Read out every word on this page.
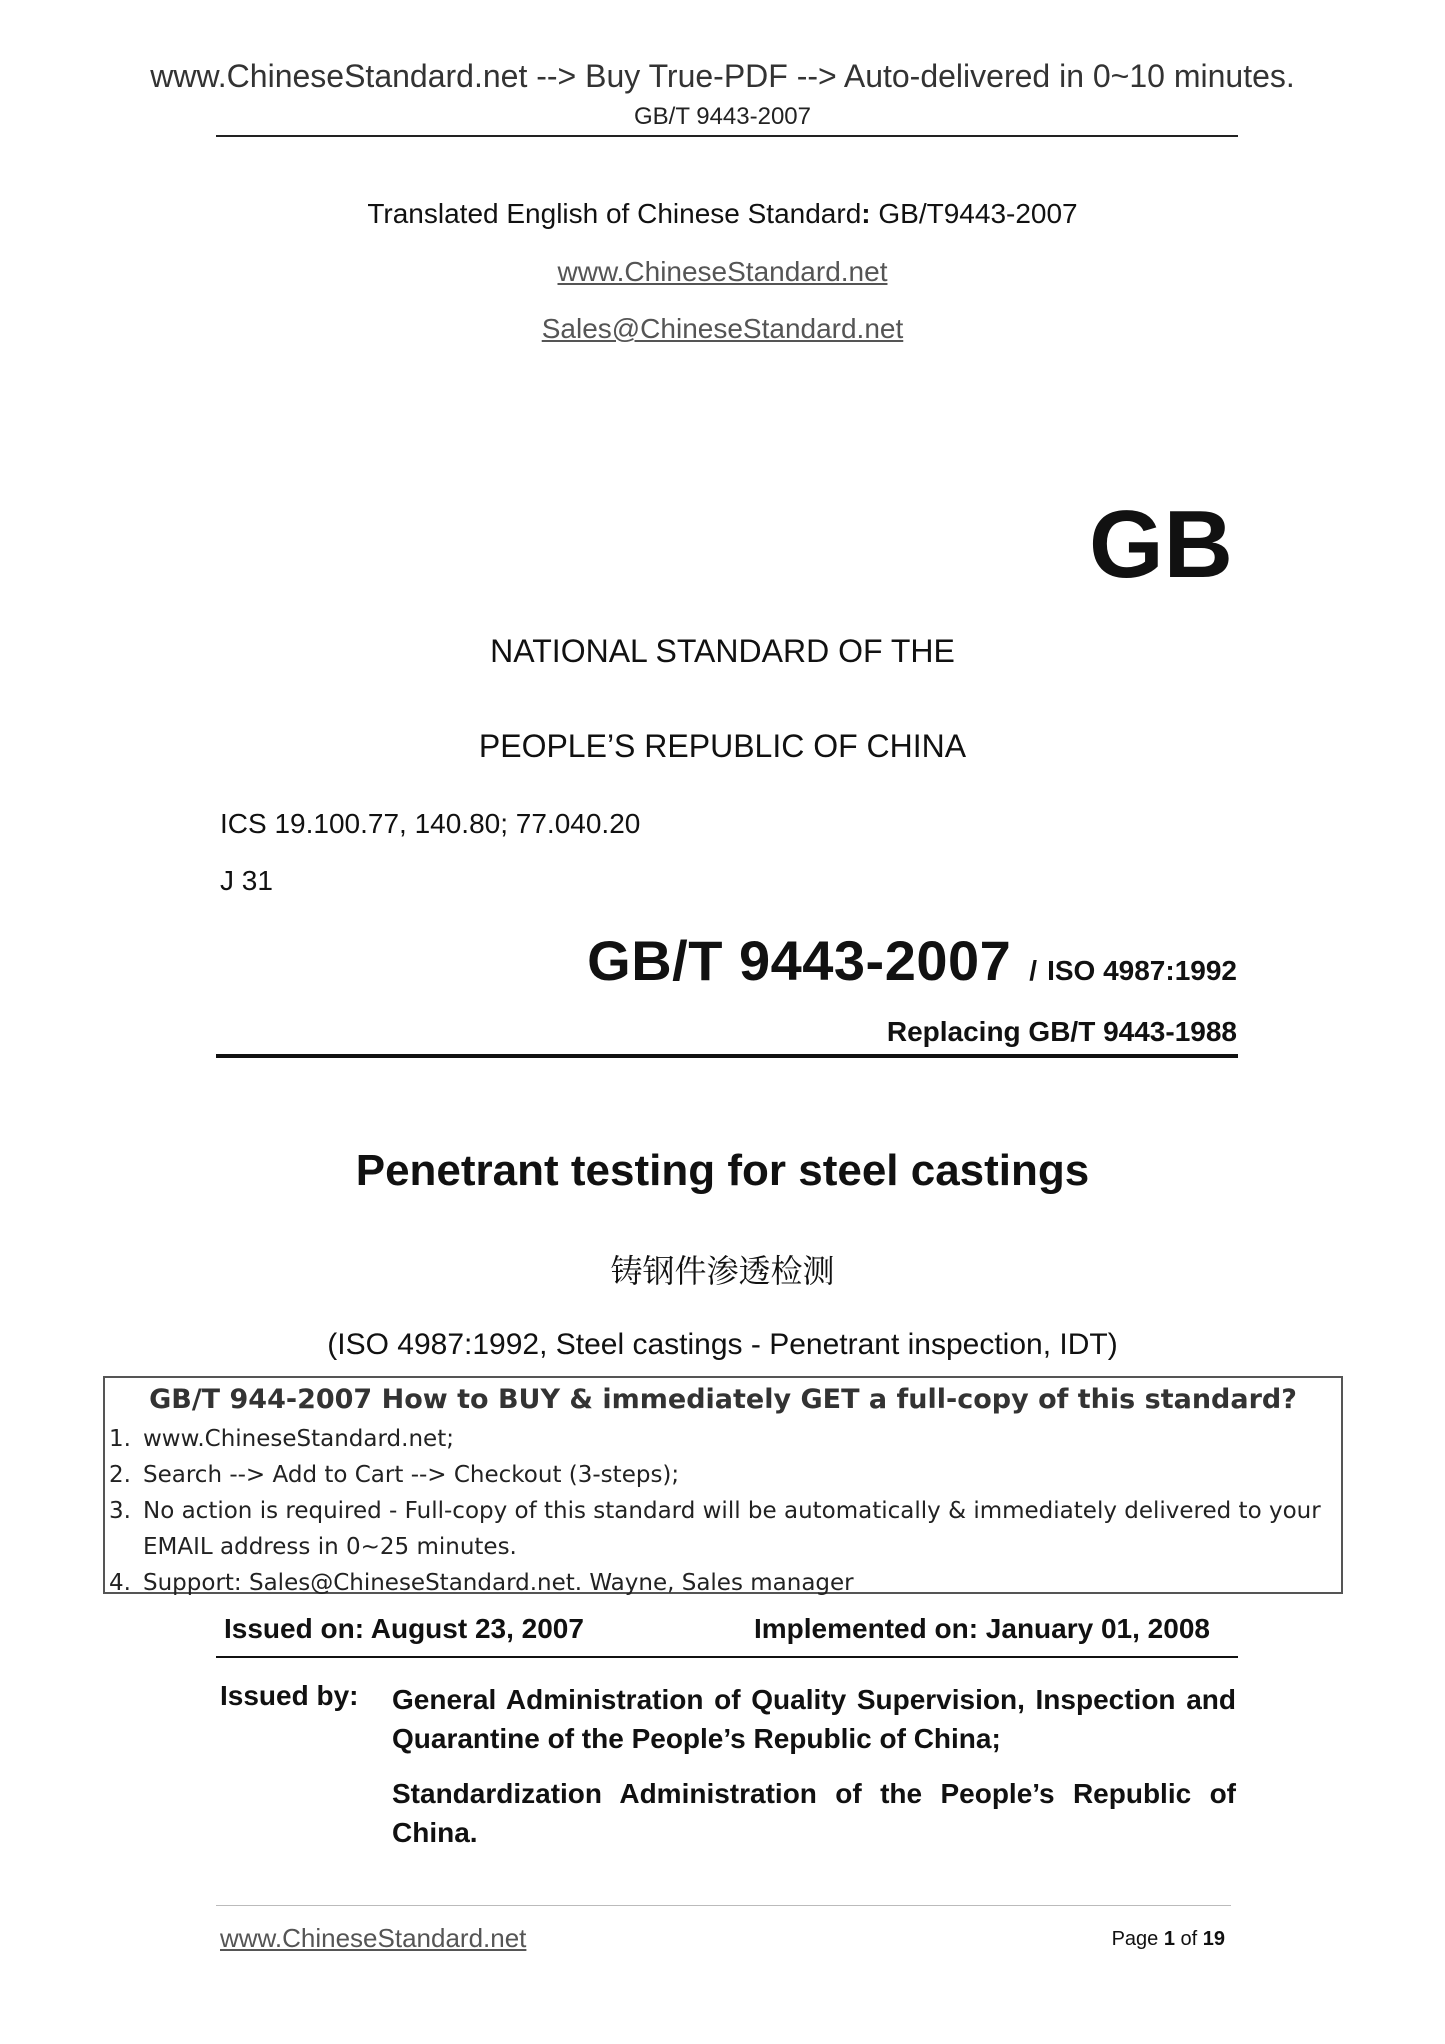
www.ChineseStandard.net --> Buy True-PDF --> Auto-delivered in 0~10 minutes.
GB/T 9443-2007
Translated English of Chinese Standard: GB/T9443-2007
www.ChineseStandard.net
Sales@ChineseStandard.net
GB
NATIONAL STANDARD OF THE
PEOPLE’S REPUBLIC OF CHINA
ICS 19.100.77, 140.80; 77.040.20
J 31
GB/T 9443-2007 / ISO 4987:1992
Replacing GB/T 9443-1988
Penetrant testing for steel castings
铸钢件渗透检测
(ISO 4987:1992, Steel castings - Penetrant inspection, IDT)
GB/T 944-2007 How to BUY & immediately GET a full-copy of this standard?
1. www.ChineseStandard.net;
2. Search --> Add to Cart --> Checkout (3-steps);
3. No action is required - Full-copy of this standard will be automatically & immediately delivered to your EMAIL address in 0~25 minutes.
4. Support: Sales@ChineseStandard.net. Wayne, Sales manager
Issued on: August 23, 2007	Implemented on: January 01, 2008
Issued by: General Administration of Quality Supervision, Inspection and Quarantine of the People’s Republic of China;
Standardization Administration of the People’s Republic of China.
www.ChineseStandard.net	Page 1 of 19
